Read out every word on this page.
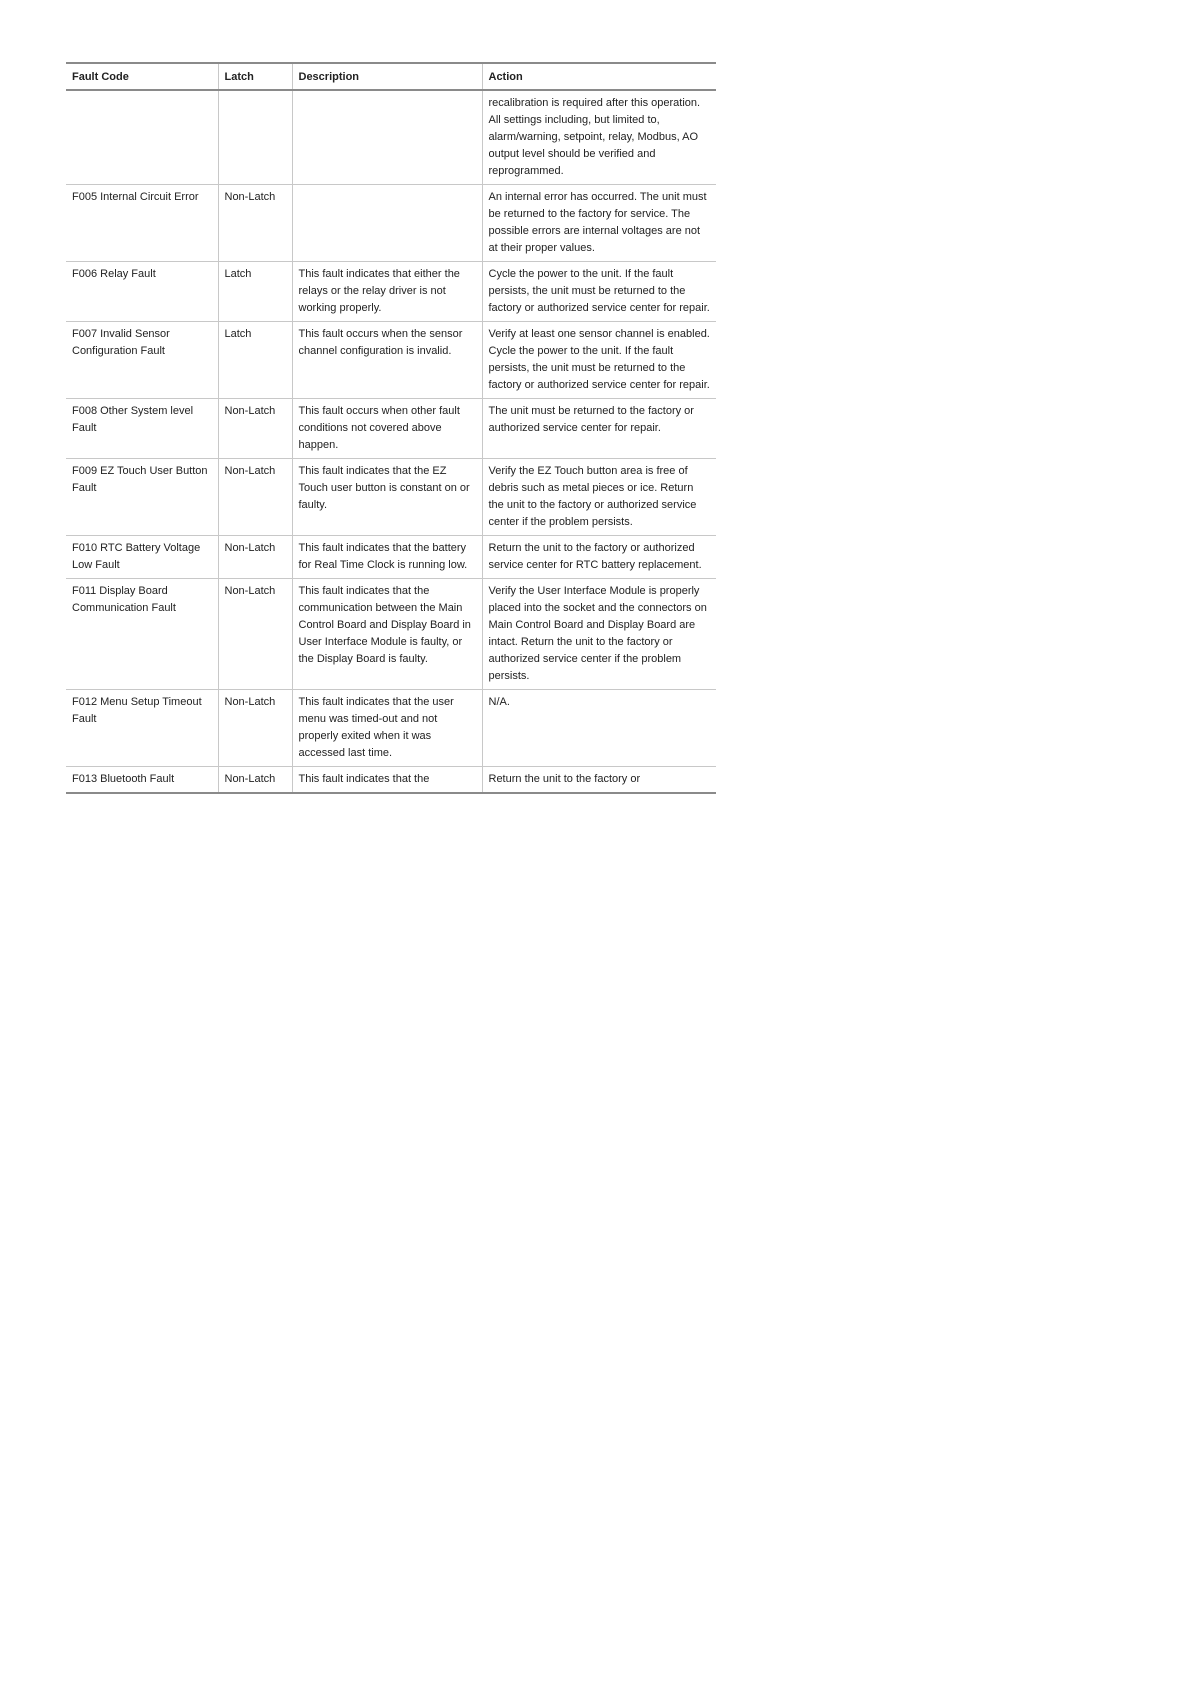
Fault Code	Latch	Description	Action
			recalibration is required after this operation. All settings including, but limited to, alarm/warning, setpoint, relay, Modbus, AO output level should be verified and reprogrammed.
F005 Internal Circuit Error	Non-Latch		An internal error has occurred. The unit must be returned to the factory for service. The possible errors are internal voltages are not at their proper values.
F006 Relay Fault	Latch	This fault indicates that either the relays or the relay driver is not working properly.	Cycle the power to the unit. If the fault persists, the unit must be returned to the factory or authorized service center for repair.
F007 Invalid Sensor Configuration Fault	Latch	This fault occurs when the sensor channel configuration is invalid.	Verify at least one sensor channel is enabled. Cycle the power to the unit. If the fault persists, the unit must be returned to the factory or authorized service center for repair.
F008 Other System level Fault	Non-Latch	This fault occurs when other fault conditions not covered above happen.	The unit must be returned to the factory or authorized service center for repair.
F009 EZ Touch User Button Fault	Non-Latch	This fault indicates that the EZ Touch user button is constant on or faulty.	Verify the EZ Touch button area is free of debris such as metal pieces or ice. Return the unit to the factory or authorized service center if the problem persists.
F010 RTC Battery Voltage Low Fault	Non-Latch	This fault indicates that the battery for Real Time Clock is running low.	Return the unit to the factory or authorized service center for RTC battery replacement.
F011 Display Board Communication Fault	Non-Latch	This fault indicates that the communication between the Main Control Board and Display Board in User Interface Module is faulty, or the Display Board is faulty.	Verify the User Interface Module is properly placed into the socket and the connectors on Main Control Board and Display Board are intact. Return the unit to the factory or authorized service center if the problem persists.
F012 Menu Setup Timeout Fault	Non-Latch	This fault indicates that the user menu was timed-out and not properly exited when it was accessed last time.	N/A.
F013 Bluetooth Fault	Non-Latch	This fault indicates that the	Return the unit to the factory or
